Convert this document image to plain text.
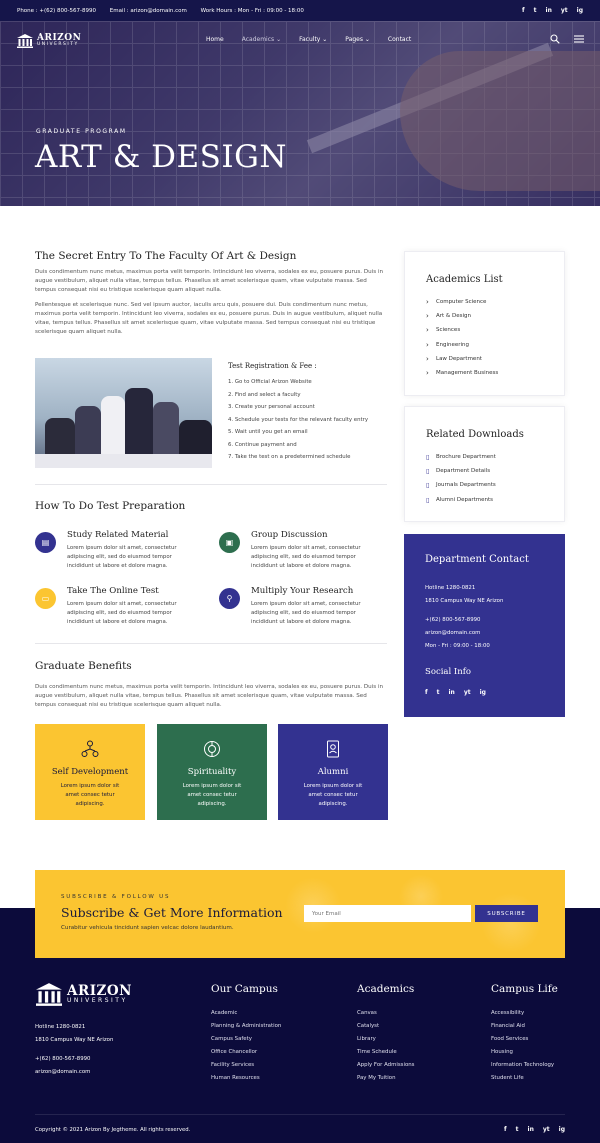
Phone : +(62) 800-567-8990	Email : arizon@domain.com	Work Hours : Mon - Fri : 09:00 - 18:00	f t in yt ig
ARIZON
UNIVERSITY
Home	Academics ⌄	Faculty ⌄	Pages ⌄	Contact
GRADUATE PROGRAM
ART & DESIGN
The Secret Entry To The Faculty Of Art & Design

Duis condimentum nunc metus, maximus porta velit temporin. Intincidunt leo viverra, sodales ex eu, posuere purus. Duis in augue vestibulum, aliquet nulla vitae, tempus tellus. Phasellus sit amet scelerisque quam, vitae vulputate massa. Sed tempus consequat nisi eu tristique scelerisque quam aliquet nulla.

Pellentesque et scelerisque nunc. Sed vel ipsum auctor, iaculis arcu quis, posuere dui. Duis condimentum nunc metus, maximus porta velit temporin. Intincidunt leo viverra, sodales ex eu, posuere purus. Duis in augue vestibulum, aliquet nulla vitae, tempus tellus. Phasellus sit amet scelerisque quam, vitae vulputate massa. Sed tempus consequat nisi eu tristique scelerisque quam aliquet nulla.

Test Registration & Fee :
1. Go to Official Arizon Website
2. Find and select a faculty
3. Create your personal account
4. Schedule your tests for the relevant faculty entry
5. Wait until you get an email
6. Continue payment and
7. Take the test on a predetermined schedule
How To Do Test Preparation
▤
Study Related Material

Lorem ipsum dolor sit amet, consectetur adipiscing elit, sed do eiusmod tempor incididunt ut labore et dolore magna.

▣
Group Discussion

Lorem ipsum dolor sit amet, consectetur adipiscing elit, sed do eiusmod tempor incididunt ut labore et dolore magna.

▭
Take The Online Test

Lorem ipsum dolor sit amet, consectetur adipiscing elit, sed do eiusmod tempor incididunt ut labore et dolore magna.

⚲
Multiply Your Research

Lorem ipsum dolor sit amet, consectetur adipiscing elit, sed do eiusmod tempor incididunt ut labore et dolore magna.

Graduate Benefits

Duis condimentum nunc metus, maximus porta velit temporin. Intincidunt leo viverra, sodales ex eu, posuere purus. Duis in augue vestibulum, aliquet nulla vitae, tempus tellus. Phasellus sit amet scelerisque quam, vitae vulputate massa. Sed tempus consequat nisi eu tristique scelerisque quam aliquet nulla.

Self Development

Lorem ipsum dolor sit amet consec tetur adipiscing.

Spirituality

Lorem ipsum dolor sit amet consec tetur adipiscing.

Alumni

Lorem ipsum dolor sit amet consec tetur adipiscing.

Academics List
›	Computer Science
›	Art & Design
›	Sciences
›	Engineering
›	Law Department
›	Management Business
Related Downloads
▯	Brochure Department
▯	Department Details
▯	Journals Departments
▯	Alumni Departments
Department Contact
Hotline 1280-0821
1810 Campus Way NE Arizon
+(62) 800-567-8990
arizon@domain.com
Mon - Fri : 09:00 - 18:00
Social Info
f t in yt ig
SUBSCRIBE & FOLLOW US
Subscribe & Get More Information
Curabitur vehicula tincidunt sapien velcac dolore laudantium.
Your Email
SUBSCRIBE
ARIZON
UNIVERSITY
Hotline 1280-0821
1810 Campus Way NE Arizon
+(62) 800-567-8990
arizon@domain.com
Our Campus
Academic
Planning & Administration
Campus Safety
Office Chancellor
Facility Services
Human Resources
Academics
Canvas
Catalyst
Library
Time Schedule
Apply For Admissions
Pay My Tuition
Campus Life
Accessibility
Financial Aid
Food Services
Housing
Information Technology
Student Life
Copyright © 2021 Arizon By Jegtheme. All rights reserved.	f t in yt ig
